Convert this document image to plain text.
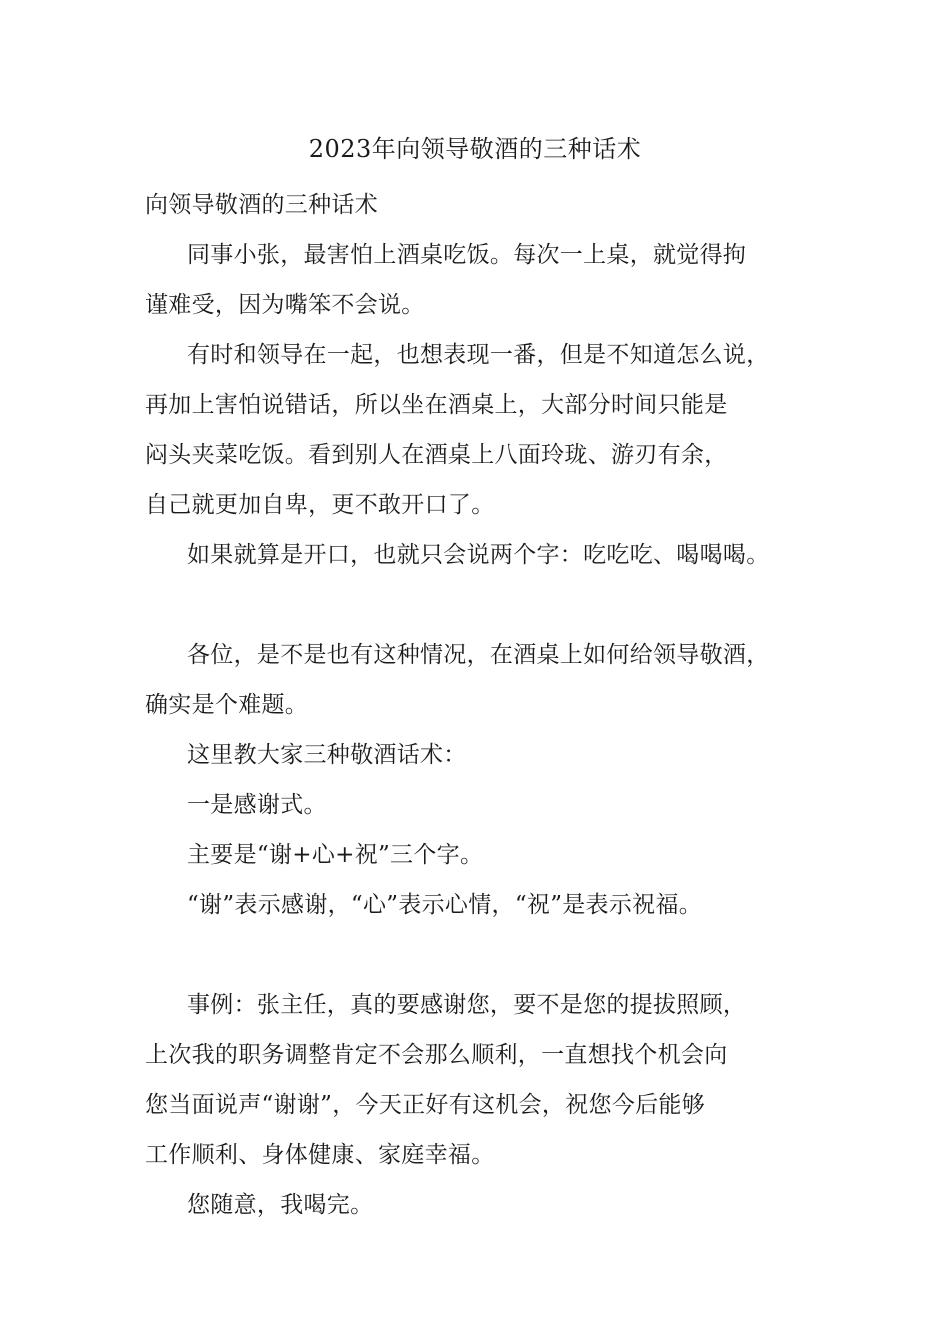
2023年向领导敬酒的三种话术
向领导敬酒的三种话术
同事小张，最害怕上酒桌吃饭。每次一上桌，就觉得拘
谨难受，因为嘴笨不会说。
有时和领导在一起，也想表现一番，但是不知道怎么说，
再加上害怕说错话，所以坐在酒桌上，大部分时间只能是
闷头夹菜吃饭。看到别人在酒桌上八面玲珑、游刃有余，
自己就更加自卑，更不敢开口了。
如果就算是开口，也就只会说两个字：吃吃吃、喝喝喝。
各位，是不是也有这种情况，在酒桌上如何给领导敬酒，
确实是个难题。
这里教大家三种敬酒话术：
一是感谢式。
主要是“谢+心+祝”三个字。
“谢”表示感谢，“心”表示心情，“祝”是表示祝福。
事例：张主任，真的要感谢您，要不是您的提拔照顾，
上次我的职务调整肯定不会那么顺利，一直想找个机会向
您当面说声“谢谢”，今天正好有这机会，祝您今后能够
工作顺利、身体健康、家庭幸福。
您随意，我喝完。
